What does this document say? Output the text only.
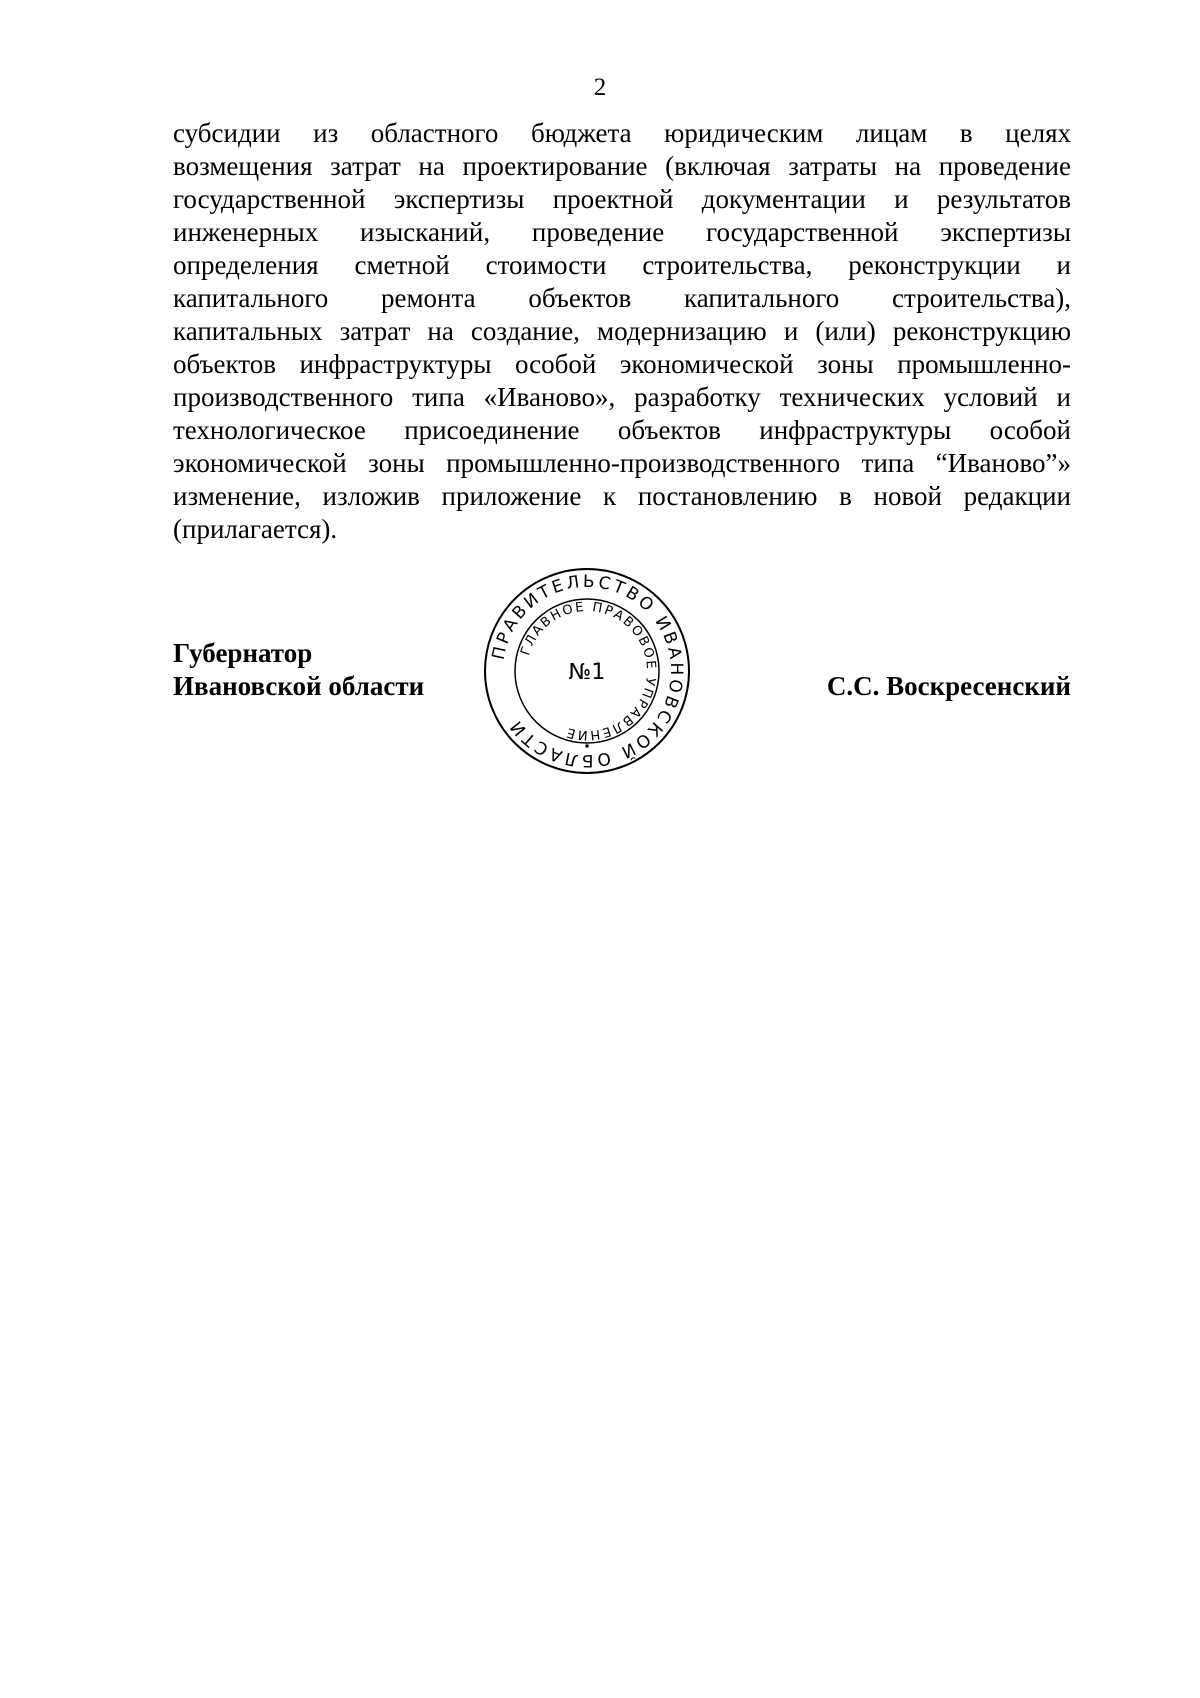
2
субсидии из областного бюджета юридическим лицам в целях
возмещения затрат на проектирование (включая затраты на проведение
государственной экспертизы проектной документации и результатов
инженерных изысканий, проведение государственной экспертизы
определения сметной стоимости строительства, реконструкции и
капитального ремонта объектов капитального строительства),
капитальных затрат на создание, модернизацию и (или) реконструкцию
объектов инфраструктуры особой экономической зоны промышленно-
производственного типа «Иваново», разработку технических условий и
технологическое присоединение объектов инфраструктуры особой
экономической зоны промышленно-производственного типа “Иваново”»
изменение, изложив приложение к постановлению в новой редакции
(прилагается).
Губернатор
Ивановской области	С.С. Воскресенский
ПРАВИТЕЛЬСТВО ИВАНОВСКОЙ ОБЛАСТИ
ГЛАВНОЕ ПРАВОВОЕ УПРАВЛЕНИЕ
№1
